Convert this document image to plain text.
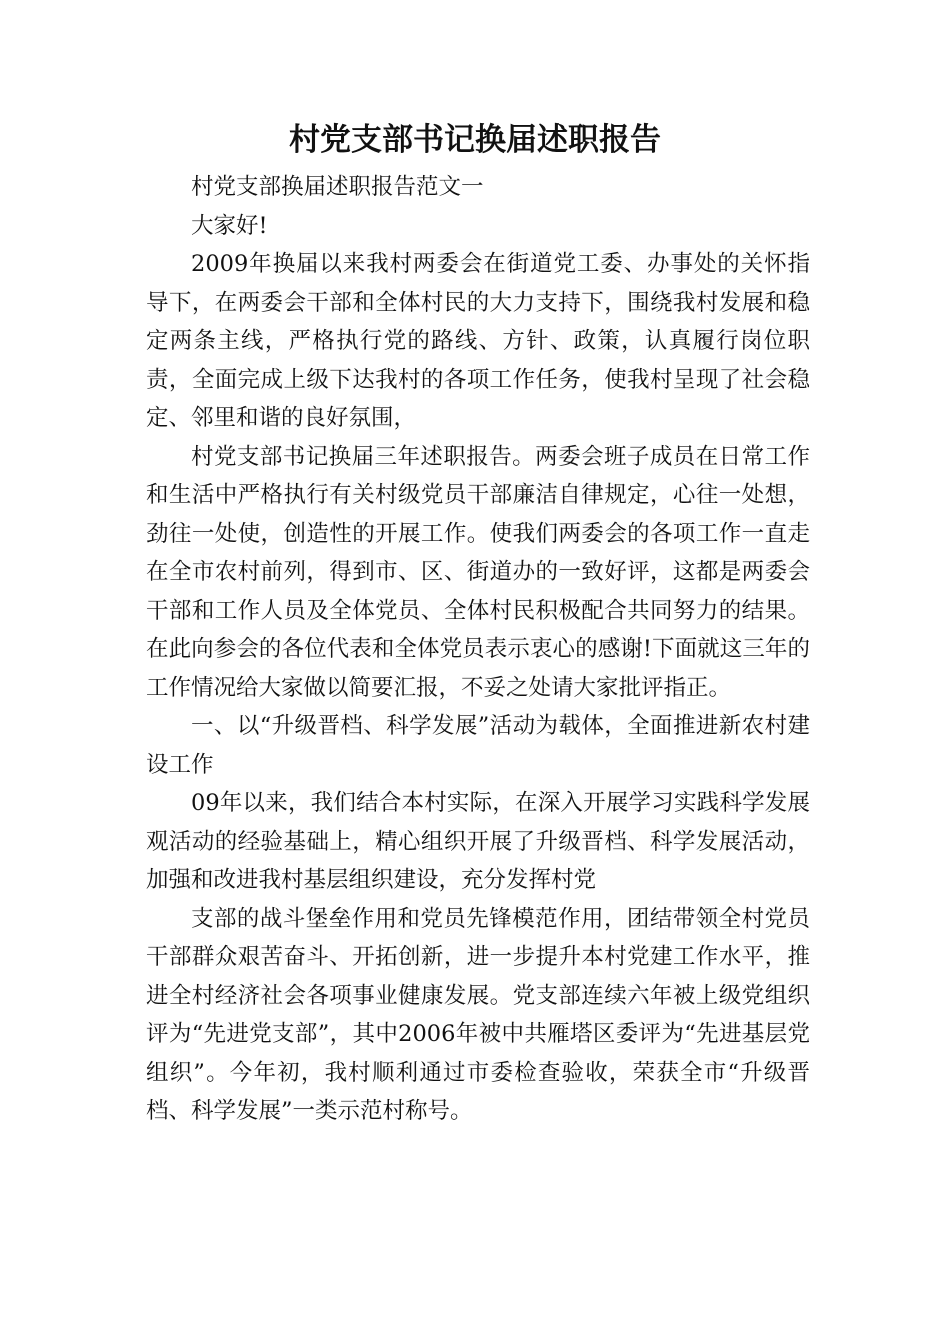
村党支部书记换届述职报告

村党支部换届述职报告范文一

大家好!

2009年换届以来我村两委会在街道党工委、办事处的关怀指导下，在两委会干部和全体村民的大力支持下，围绕我村发展和稳定两条主线，严格执行党的路线、方针、政策，认真履行岗位职责，全面完成上级下达我村的各项工作任务，使我村呈现了社会稳定、邻里和谐的良好氛围，

村党支部书记换届三年述职报告。两委会班子成员在日常工作和生活中严格执行有关村级党员干部廉洁自律规定，心往一处想，劲往一处使，创造性的开展工作。使我们两委会的各项工作一直走在全市农村前列，得到市、区、街道办的一致好评，这都是两委会干部和工作人员及全体党员、全体村民积极配合共同努力的结果。在此向参会的各位代表和全体党员表示衷心的感谢!下面就这三年的工作情况给大家做以简要汇报，不妥之处请大家批评指正。

一、以“升级晋档、科学发展”活动为载体，全面推进新农村建设工作

09年以来，我们结合本村实际，在深入开展学习实践科学发展观活动的经验基础上，精心组织开展了升级晋档、科学发展活动，加强和改进我村基层组织建设，充分发挥村党

支部的战斗堡垒作用和党员先锋模范作用，团结带领全村党员干部群众艰苦奋斗、开拓创新，进一步提升本村党建工作水平，推进全村经济社会各项事业健康发展。党支部连续六年被上级党组织评为“先进党支部”，其中2006年被中共雁塔区委评为“先进基层党组织”。今年初，我村顺利通过市委检查验收，荣获全市“升级晋档、科学发展”一类示范村称号。
